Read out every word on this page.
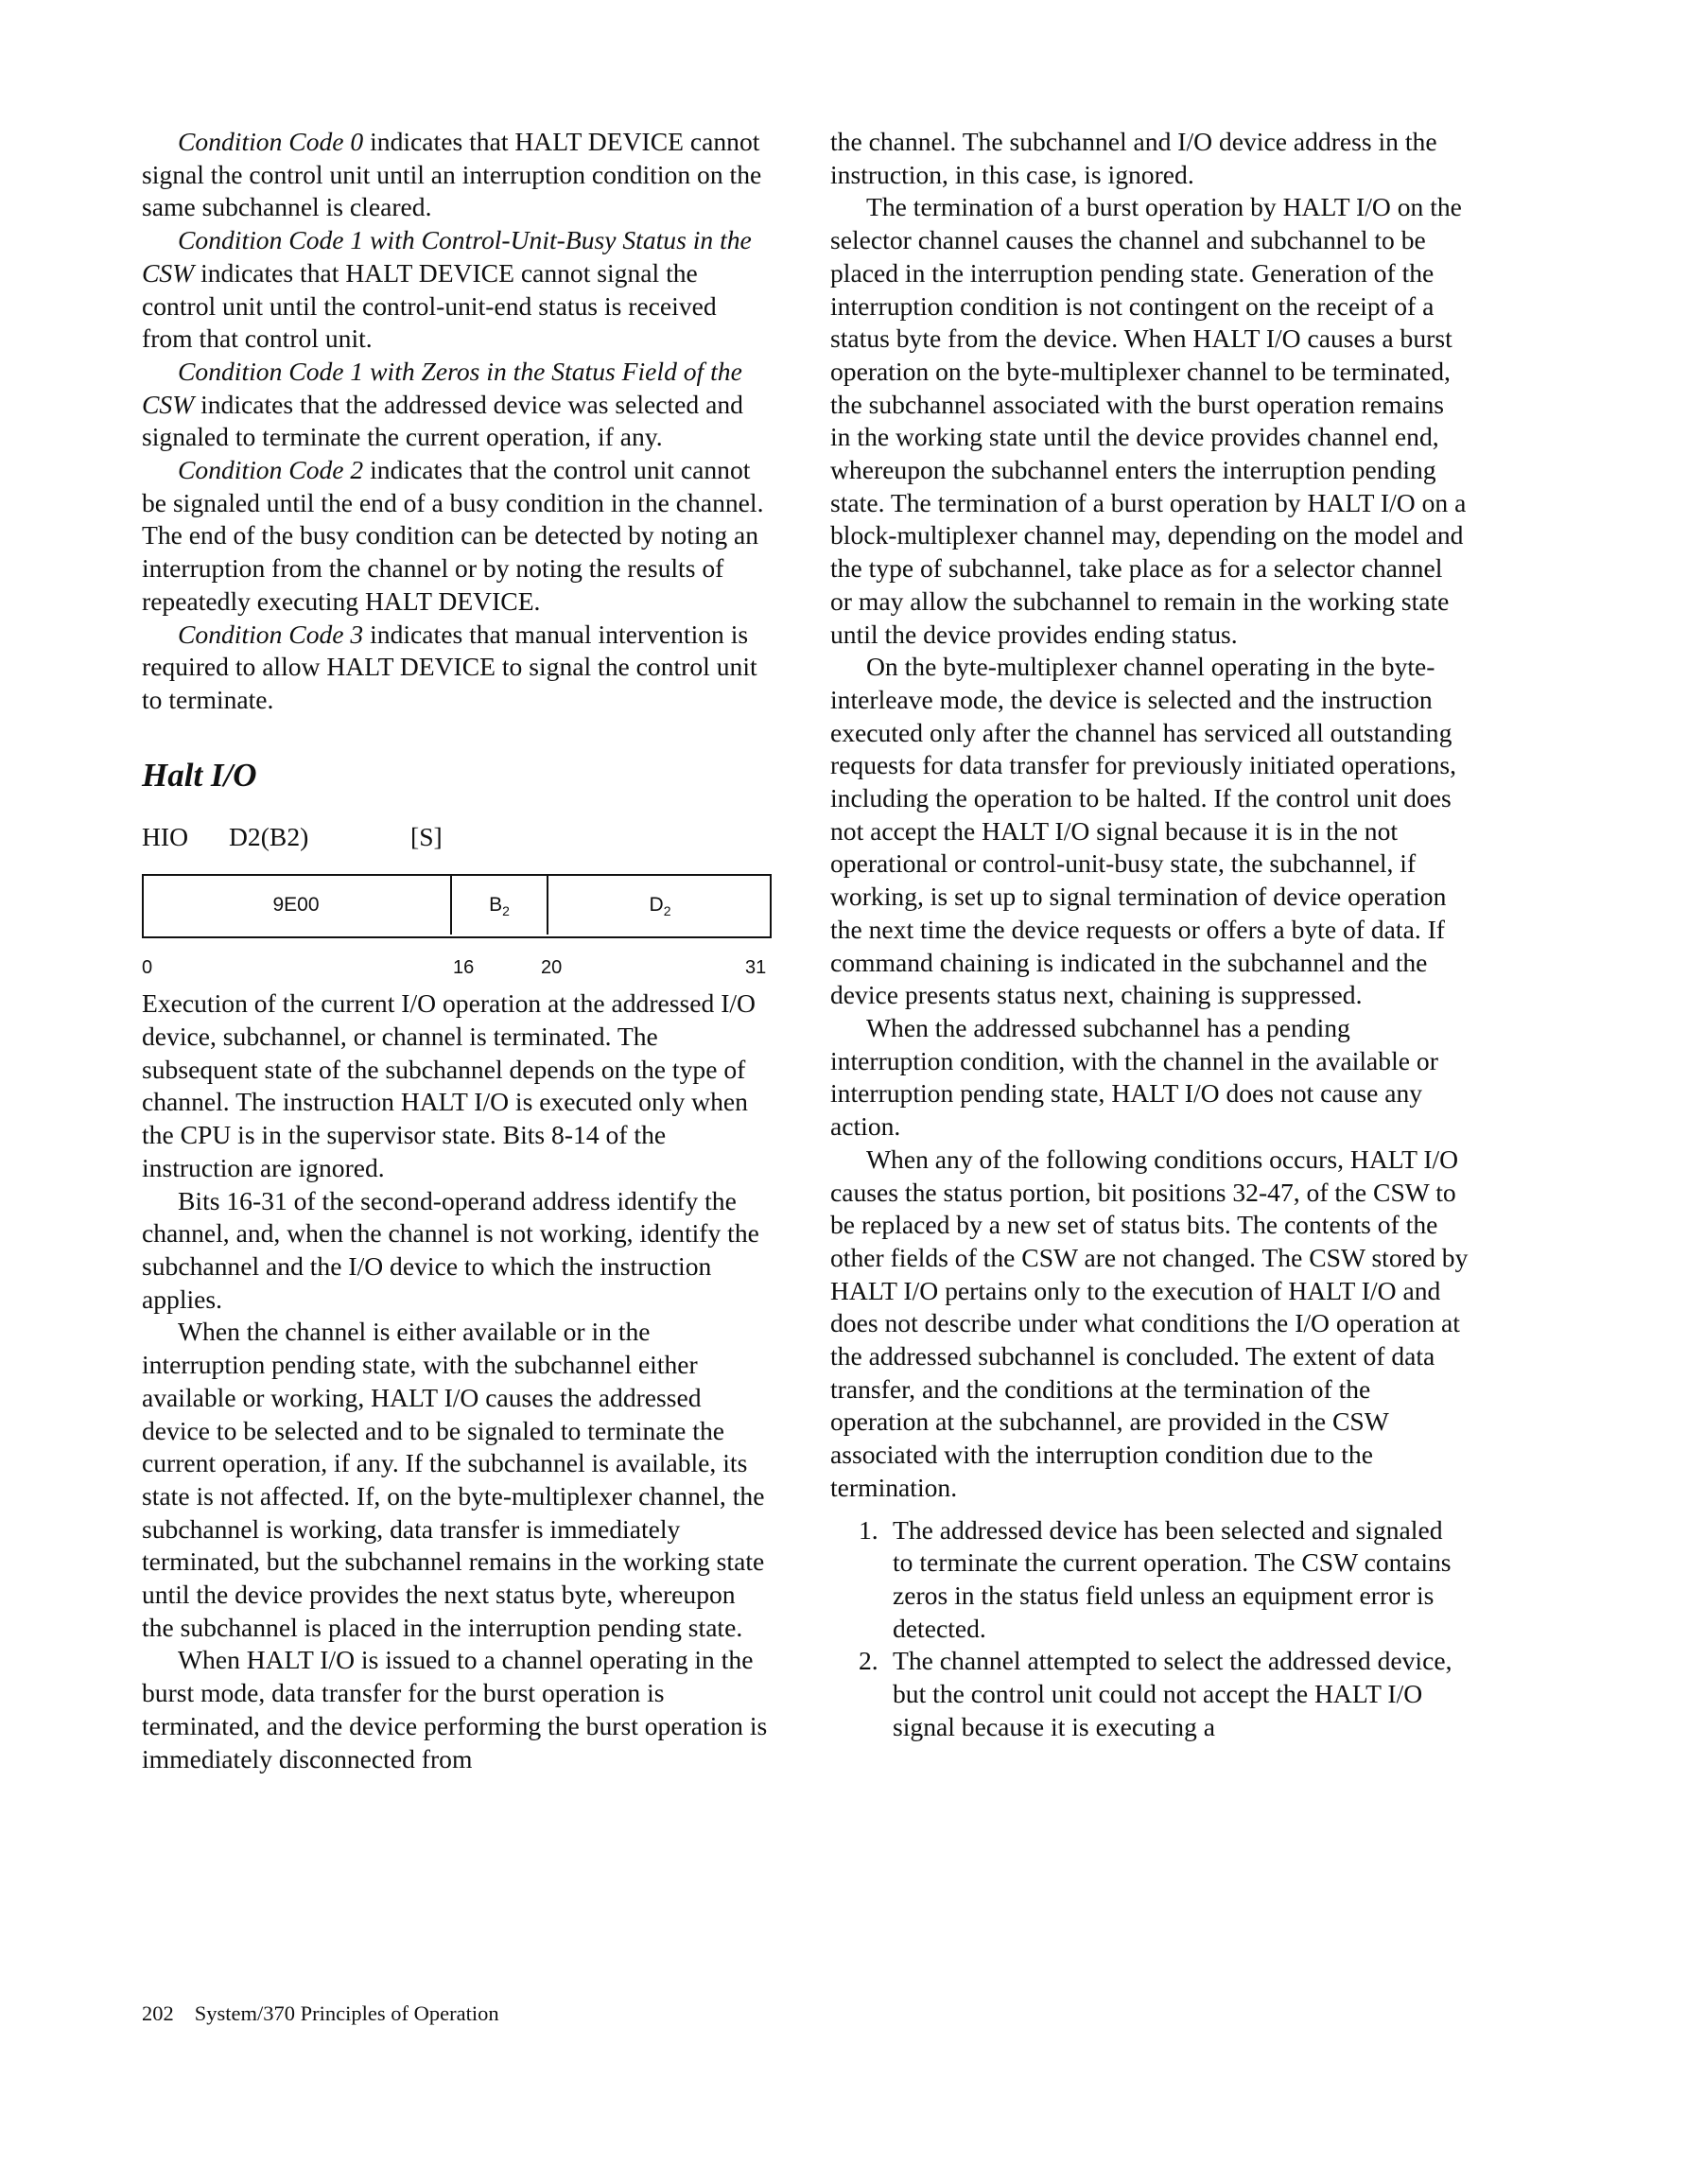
Condition Code 0 indicates that HALT DEVICE cannot signal the control unit until an interruption condition on the same subchannel is cleared.

Condition Code 1 with Control-Unit-Busy Status in the CSW indicates that HALT DEVICE cannot signal the control unit until the control-unit-end status is received from that control unit.

Condition Code 1 with Zeros in the Status Field of the CSW indicates that the addressed device was selected and signaled to terminate the current operation, if any.

Condition Code 2 indicates that the control unit cannot be signaled until the end of a busy condition in the channel. The end of the busy condition can be detected by noting an interruption from the channel or by noting the results of repeatedly executing HALT DEVICE.

Condition Code 3 indicates that manual intervention is required to allow HALT DEVICE to signal the control unit to terminate.

Halt I/O
HIO	D2(B2)	[S]
9E00	$B_2$	$D_2$
0	16	20	31

Execution of the current I/O operation at the addressed I/O device, subchannel, or channel is terminated. The subsequent state of the subchannel depends on the type of channel. The instruction HALT I/O is executed only when the CPU is in the supervisor state. Bits 8-14 of the instruction are ignored.

Bits 16-31 of the second-operand address identify the channel, and, when the channel is not working, identify the subchannel and the I/O device to which the instruction applies.

When the channel is either available or in the interruption pending state, with the subchannel either available or working, HALT I/O causes the addressed device to be selected and to be signaled to terminate the current operation, if any. If the subchannel is available, its state is not affected. If, on the byte-multiplexer channel, the subchannel is working, data transfer is immediately terminated, but the subchannel remains in the working state until the device provides the next status byte, whereupon the subchannel is placed in the interruption pending state.

When HALT I/O is issued to a channel operating in the burst mode, data transfer for the burst operation is terminated, and the device performing the burst operation is immediately disconnected from

the channel. The subchannel and I/O device address in the instruction, in this case, is ignored.

The termination of a burst operation by HALT I/O on the selector channel causes the channel and subchannel to be placed in the interruption pending state. Generation of the interruption condition is not contingent on the receipt of a status byte from the device. When HALT I/O causes a burst operation on the byte-multiplexer channel to be terminated, the subchannel associated with the burst operation remains in the working state until the device provides channel end, whereupon the subchannel enters the interruption pending state. The termination of a burst operation by HALT I/O on a block-multiplexer channel may, depending on the model and the type of subchannel, take place as for a selector channel or may allow the subchannel to remain in the working state until the device provides ending status.

On the byte-multiplexer channel operating in the byte-interleave mode, the device is selected and the instruction executed only after the channel has serviced all outstanding requests for data transfer for previously initiated operations, including the operation to be halted. If the control unit does not accept the HALT I/O signal because it is in the not operational or control-unit-busy state, the subchannel, if working, is set up to signal termination of device operation the next time the device requests or offers a byte of data. If command chaining is indicated in the subchannel and the device presents status next, chaining is suppressed.

When the addressed subchannel has a pending interruption condition, with the channel in the available or interruption pending state, HALT I/O does not cause any action.

When any of the following conditions occurs, HALT I/O causes the status portion, bit positions 32-47, of the CSW to be replaced by a new set of status bits. The contents of the other fields of the CSW are not changed. The CSW stored by HALT I/O pertains only to the execution of HALT I/O and does not describe under what conditions the I/O operation at the addressed subchannel is concluded. The extent of data transfer, and the conditions at the termination of the operation at the subchannel, are provided in the CSW associated with the interruption condition due to the termination.

1. The addressed device has been selected and signaled to terminate the current operation. The CSW contains zeros in the status field unless an equipment error is detected.
2. The channel attempted to select the addressed device, but the control unit could not accept the HALT I/O signal because it is executing a
202 System/370 Principles of Operation
